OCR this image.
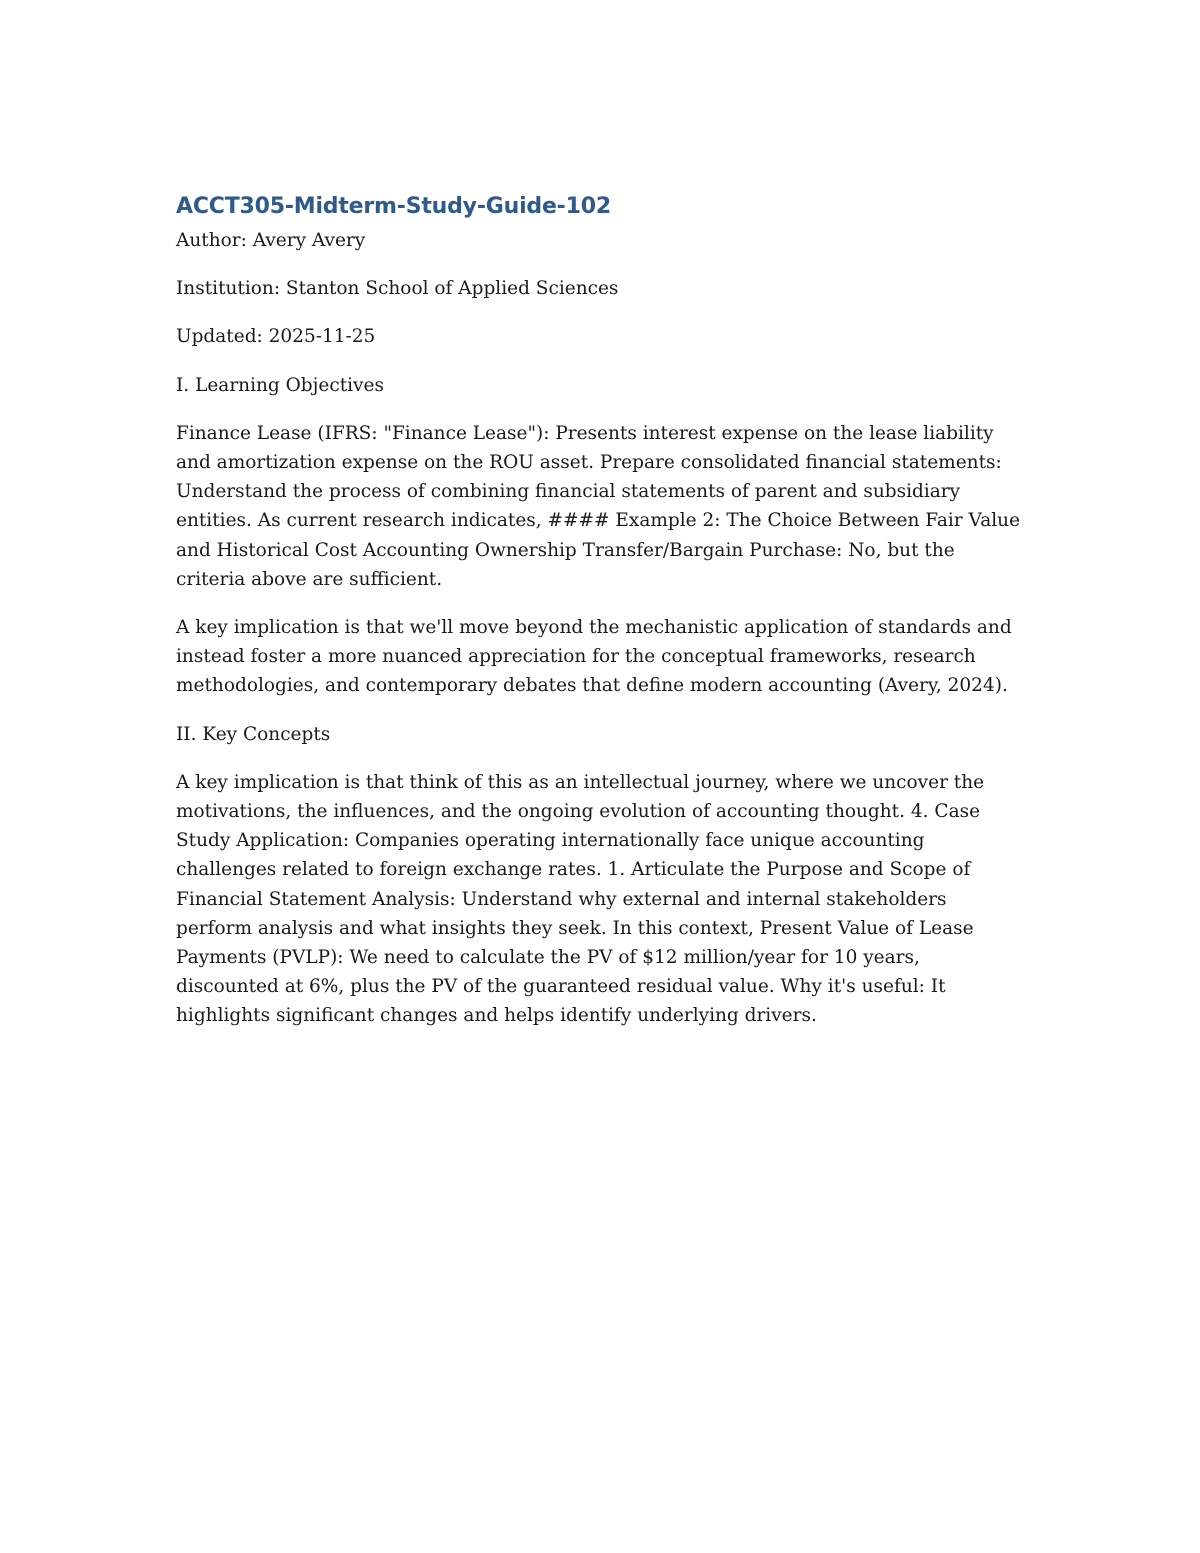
ACCT305-Midterm-Study-Guide-102

Author: Avery Avery

Institution: Stanton School of Applied Sciences

Updated: 2025-11-25

I. Learning Objectives

Finance Lease (IFRS: "Finance Lease"): Presents interest expense on the lease liability and amortization expense on the ROU asset. Prepare consolidated financial statements: Understand the process of combining financial statements of parent and subsidiary entities. As current research indicates, #### Example 2: The Choice Between Fair Value and Historical Cost Accounting Ownership Transfer/Bargain Purchase: No, but the criteria above are sufficient.

A key implication is that we'll move beyond the mechanistic application of standards and instead foster a more nuanced appreciation for the conceptual frameworks, research methodologies, and contemporary debates that define modern accounting (Avery, 2024).

II. Key Concepts

A key implication is that think of this as an intellectual journey, where we uncover the motivations, the influences, and the ongoing evolution of accounting thought. 4. Case Study Application: Companies operating internationally face unique accounting challenges related to foreign exchange rates. 1. Articulate the Purpose and Scope of Financial Statement Analysis: Understand why external and internal stakeholders perform analysis and what insights they seek. In this context, Present Value of Lease Payments (PVLP): We need to calculate the PV of $12 million/year for 10 years, discounted at 6%, plus the PV of the guaranteed residual value. Why it's useful: It highlights significant changes and helps identify underlying drivers.
